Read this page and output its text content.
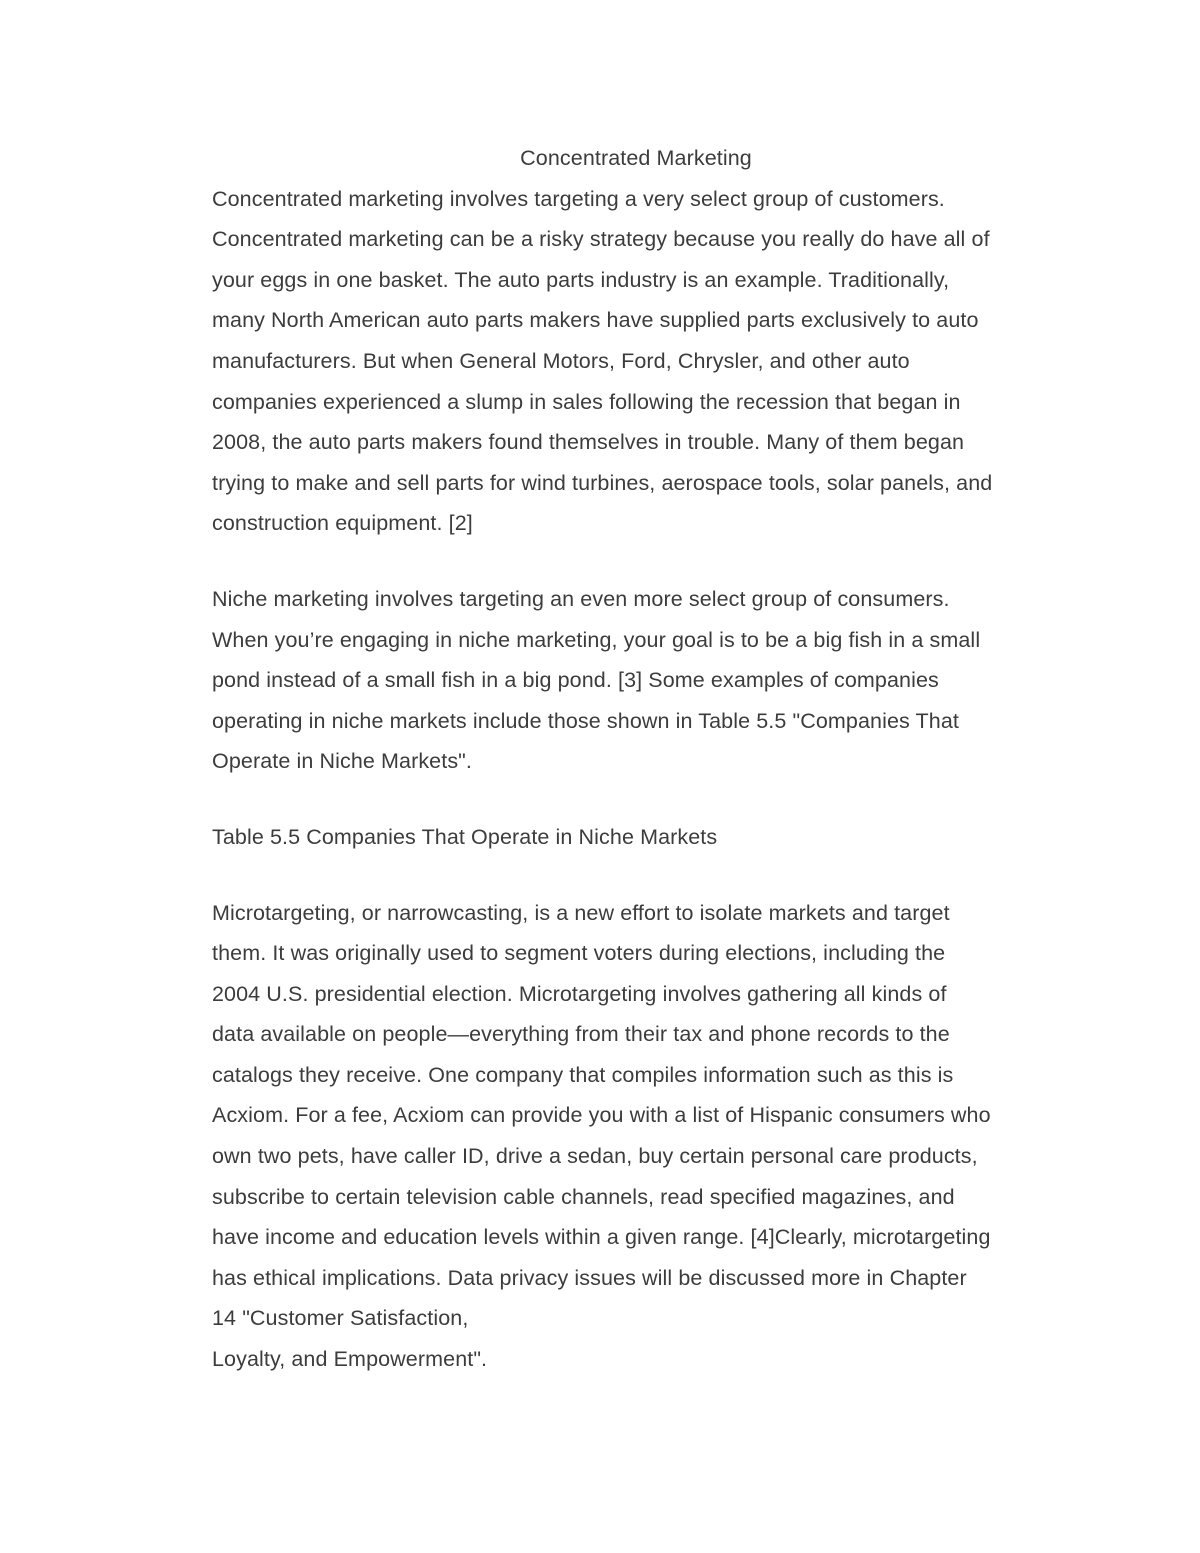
Concentrated Marketing

Concentrated marketing involves targeting a very select group of customers.
Concentrated marketing can be a risky strategy because you really do have all of
your eggs in one basket. The auto parts industry is an example. Traditionally,
many North American auto parts makers have supplied parts exclusively to auto
manufacturers. But when General Motors, Ford, Chrysler, and other auto
companies experienced a slump in sales following the recession that began in
2008, the auto parts makers found themselves in trouble. Many of them began
trying to make and sell parts for wind turbines, aerospace tools, solar panels, and
construction equipment. [2]

Niche marketing involves targeting an even more select group of consumers.
When you’re engaging in niche marketing, your goal is to be a big fish in a small
pond instead of a small fish in a big pond. [3] Some examples of companies
operating in niche markets include those shown in Table 5.5 "Companies That
Operate in Niche Markets".

Table 5.5 Companies That Operate in Niche Markets

Microtargeting, or narrowcasting, is a new effort to isolate markets and target
them. It was originally used to segment voters during elections, including the
2004 U.S. presidential election. Microtargeting involves gathering all kinds of
data available on people—everything from their tax and phone records to the
catalogs they receive. One company that compiles information such as this is
Acxiom. For a fee, Acxiom can provide you with a list of Hispanic consumers who
own two pets, have caller ID, drive a sedan, buy certain personal care products,
subscribe to certain television cable channels, read specified magazines, and
have income and education levels within a given range. [4]Clearly, microtargeting
has ethical implications. Data privacy issues will be discussed more in Chapter
14 "Customer Satisfaction,
Loyalty, and Empowerment".
